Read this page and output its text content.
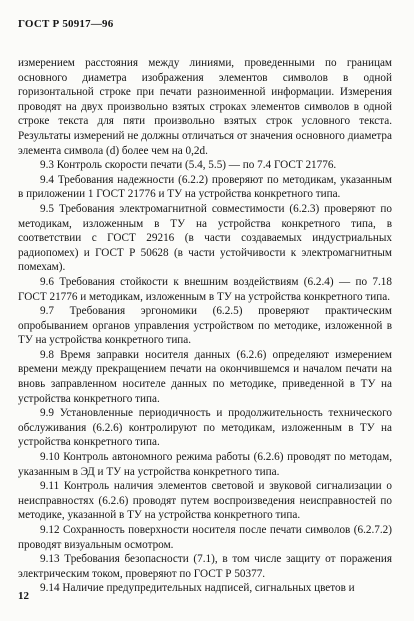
ГОСТ Р 50917—96

измерением расстояния между линиями, проведенными по границам основного диаметра изображения элементов символов в одной горизонтальной строке при печати разноименной информации. Измерения проводят на двух произвольно взятых строках элементов символов в одной строке текста для пяти произвольно взятых строк условного текста. Результаты измерений не должны отличаться от значения основного диаметра элемента символа (d) более чем на 0,2d.

9.3 Контроль скорости печати (5.4, 5.5) — по 7.4 ГОСТ 21776.

9.4 Требования надежности (6.2.2) проверяют по методикам, указанным в приложении 1 ГОСТ 21776 и ТУ на устройства конкретного типа.

9.5 Требования электромагнитной совместимости (6.2.3) проверяют по методикам, изложенным в ТУ на устройства конкретного типа, в соответствии с ГОСТ 29216 (в части создаваемых индустриальных радиопомех) и ГОСТ Р 50628 (в части устойчивости к электромагнитным помехам).

9.6 Требования стойкости к внешним воздействиям (6.2.4) — по 7.18 ГОСТ 21776 и методикам, изложенным в ТУ на устройства конкретного типа.

9.7 Требования эргономики (6.2.5) проверяют практическим опробыванием органов управления устройством по методике, изложенной в ТУ на устройства конкретного типа.

9.8 Время заправки носителя данных (6.2.6) определяют измерением времени между прекращением печати на окончившемся и началом печати на вновь заправленном носителе данных по методике, приведенной в ТУ на устройства конкретного типа.

9.9 Установленные периодичность и продолжительность технического обслуживания (6.2.6) контролируют по методикам, изложенным в ТУ на устройства конкретного типа.

9.10 Контроль автономного режима работы (6.2.6) проводят по методам, указанным в ЭД и ТУ на устройства конкретного типа.

9.11 Контроль наличия элементов световой и звуковой сигнализации о неисправностях (6.2.6) проводят путем воспроизведения неисправностей по методике, указанной в ТУ на устройства конкретного типа.

9.12 Сохранность поверхности носителя после печати символов (6.2.7.2) проводят визуальным осмотром.

9.13 Требования безопасности (7.1), в том числе защиту от поражения электрическим током, проверяют по ГОСТ Р 50377.

9.14 Наличие предупредительных надписей, сигнальных цветов и

12
